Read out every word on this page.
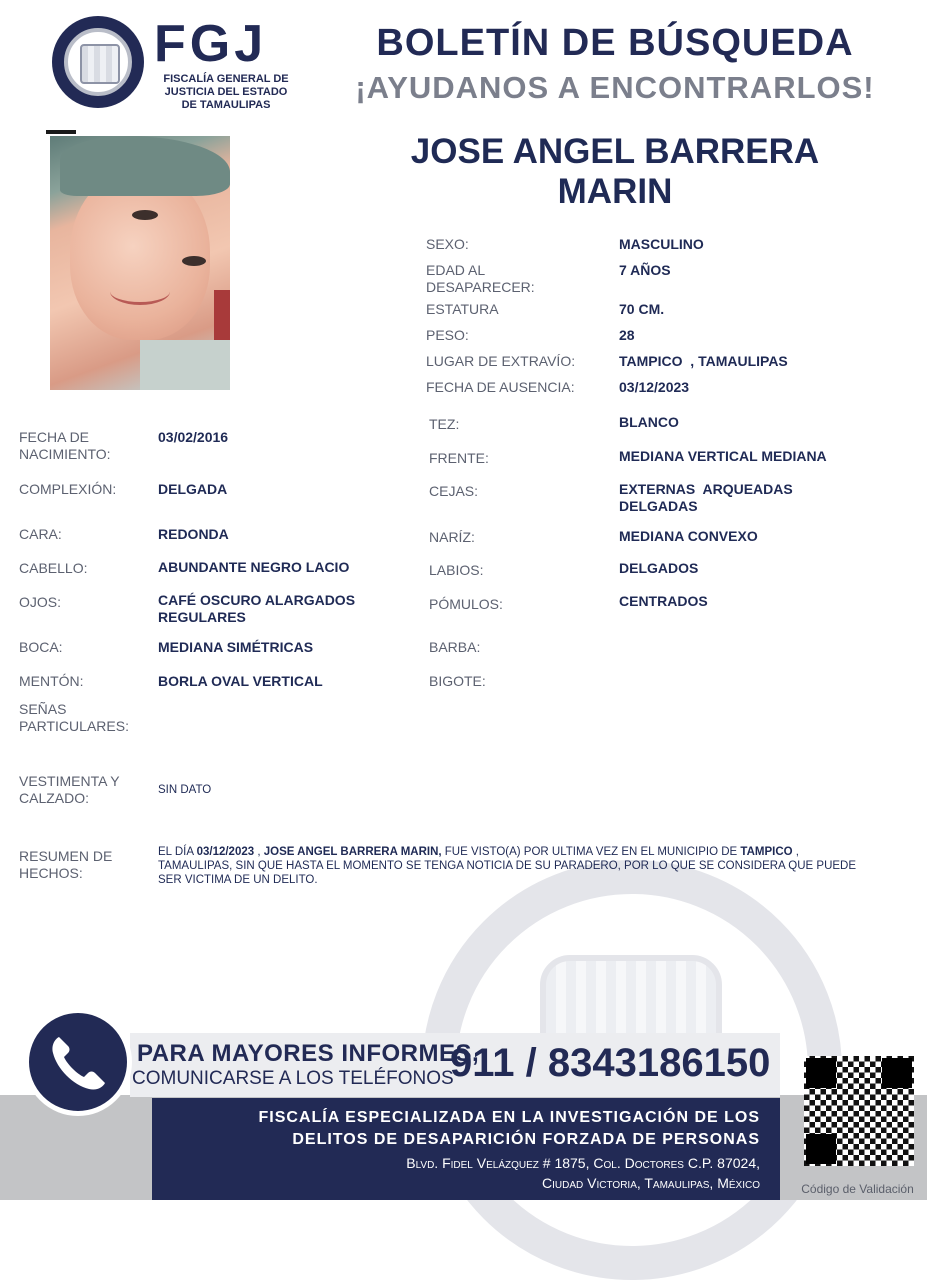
FGJ
FISCALÍA GENERAL DE JUSTICIA DEL ESTADO DE TAMAULIPAS
BOLETÍN DE BÚSQUEDA
¡AYUDANOS A ENCONTRARLOS!
JOSE ANGEL BARRERA
MARIN
SEXO:	MASCULINO
EDAD AL DESAPARECER:
7 AÑOS
ESTATURA	70 CM.
PESO:	28
LUGAR DE EXTRAVÍO:	TAMPICO  , TAMAULIPAS
FECHA DE AUSENCIA:	03/12/2023
FECHA DE NACIMIENTO:
03/02/2016
COMPLEXIÓN:	DELGADA
CARA:	REDONDA
CABELLO:	ABUNDANTE NEGRO LACIO
OJOS:	CAFÉ OSCURO ALARGADOS REGULARES
BOCA:	MEDIANA SIMÉTRICAS
MENTÓN:	BORLA OVAL VERTICAL
SEÑAS PARTICULARES:
VESTIMENTA Y CALZADO:	SIN DATO
TEZ:	BLANCO
FRENTE:	MEDIANA VERTICAL MEDIANA
CEJAS:	EXTERNAS  ARQUEADAS DELGADAS
NARÍZ:	MEDIANA CONVEXO
LABIOS:	DELGADOS
PÓMULOS:	CENTRADOS
BARBA:
BIGOTE:
RESUMEN DE HECHOS:
EL DÍA 03/12/2023 , JOSE ANGEL BARRERA MARIN, FUE VISTO(A) POR ULTIMA VEZ EN EL MUNICIPIO DE TAMPICO , TAMAULIPAS, SIN QUE HASTA EL MOMENTO SE TENGA NOTICIA DE SU PARADERO, POR LO QUE SE CONSIDERA QUE PUEDE SER VICTIMA DE UN DELITO.
PARA MAYORES INFORMES,
COMUNICARSE A LOS TELÉFONOS
911 / 8343186150
FISCALÍA ESPECIALIZADA EN LA INVESTIGACIÓN DE LOS
DELITOS DE DESAPARICIÓN FORZADA DE PERSONAS
Blvd. Fidel Velázquez # 1875, Col. Doctores C.P. 87024,
Ciudad Victoria, Tamaulipas, México	Código de Validación
